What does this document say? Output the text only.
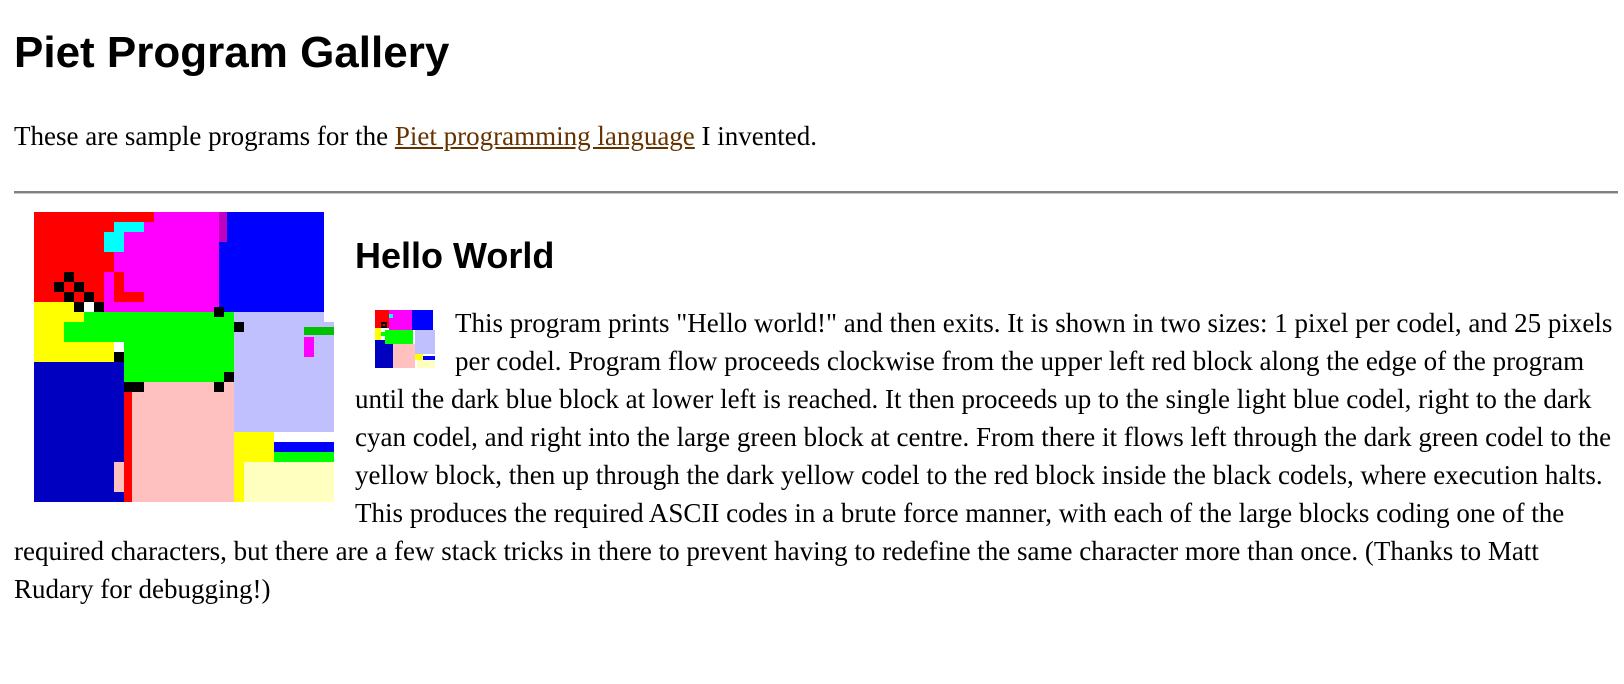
Piet Program Gallery

These are sample programs for the Piet programming language I invented.

Hello World
This program prints "Hello world!" and then exits. It is shown in two sizes: 1 pixel per codel, and 25 pixels per codel. Program flow proceeds clockwise from the upper left red block along the edge of the program until the dark blue block at lower left is reached. It then proceeds up to the single light blue codel, right to the dark cyan codel, and right into the large green block at centre. From there it flows left through the dark green codel to the yellow block, then up through the dark yellow codel to the red block inside the black codels, where execution halts. This produces the required ASCII codes in a brute force manner, with each of the large blocks coding one of the required characters, but there are a few stack tricks in there to prevent having to redefine the same character more than once. (Thanks to Matt Rudary for debugging!)
